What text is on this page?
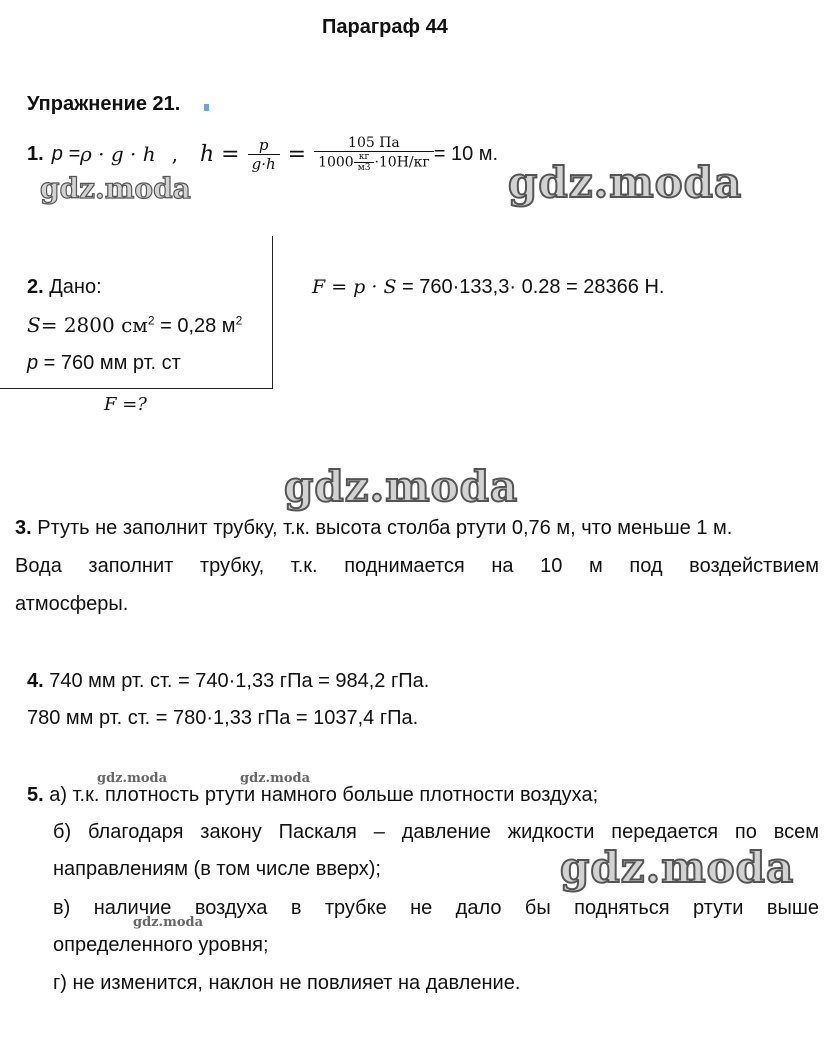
Параграф 44
Упражнение 21.
1. p = ρ · g · h , $h = \frac{p}{g\cdot h} = \frac{105 Па}{1000 \frac{кг}{м3} \cdot 10Н/кг} = 10$ м.
2. Дано:
S= 2800 $см^2 = 0,28$ $м^2$
p = 760 мм рт. ст
F =?
F = p · S = 760·133,3· 0.28 = 28366 Н.
3. Ртуть не заполнит трубку, т.к. высота столба ртути 0,76 м, что меньше 1 м.
Вода заполнит трубку, т.к. поднимается на 10 м под воздействием
атмосферы.
4. 740 мм рт. ст. = 740·1,33 гПа = 984,2 гПа.
780 мм рт. ст. = 780·1,33 гПа = 1037,4 гПа.
5. а) т.к. плотность ртути намного больше плотности воздуха;
б) благодаря закону Паскаля – давление жидкости передается по всем
направлениям (в том числе вверх);
в) наличие воздуха в трубке не дало бы подняться ртути выше
определенного уровня;
г) не изменится, наклон не повлияет на давление.
gdz.moda	gdz.moda
gdz.moda
gdz.moda
gdz.moda	gdz.moda
gdz.moda
